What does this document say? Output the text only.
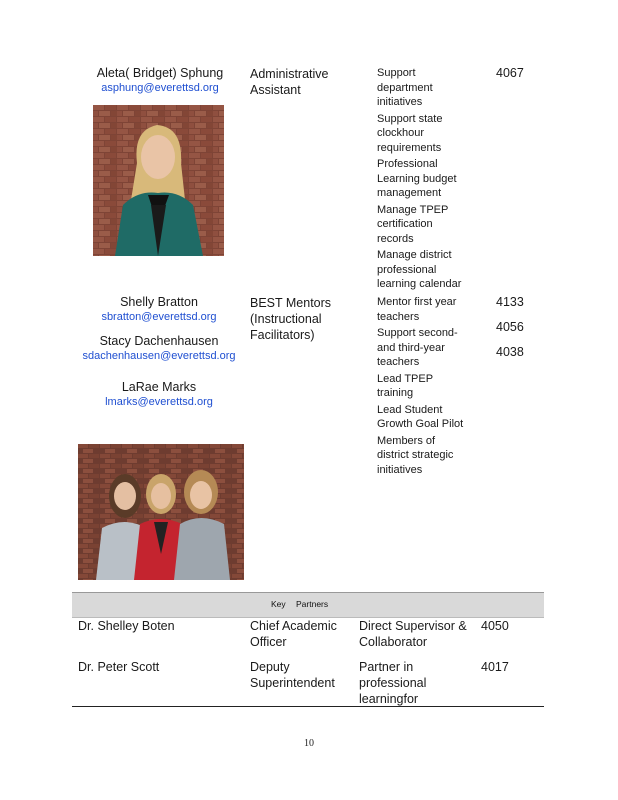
Aleta( Bridget) Sphung
asphung@everettsd.org
Administrative
Assistant
Support department initiatives
Support state clockhour requirements
Professional Learning budget management
Manage TPEP certification records
Manage district professional learning calendar
4067
Shelly Bratton
sbratton@everettsd.org
Stacy Dachenhausen
sdachenhausen@everettsd.org
LaRae Marks
lmarks@everettsd.org
BEST Mentors
(Instructional
Facilitators)
Mentor first year teachers
Support second-and third-year teachers
Lead TPEP training
Lead Student Growth Goal Pilot
Members of district strategic initiatives
4133
4056
4038
Key Partners
Dr. Shelley Boten	Chief Academic
Officer
Direct Supervisor &
Collaborator
4050
Dr. Peter Scott	Deputy
Superintendent
Partner in
professional
learningfor
4017
10
